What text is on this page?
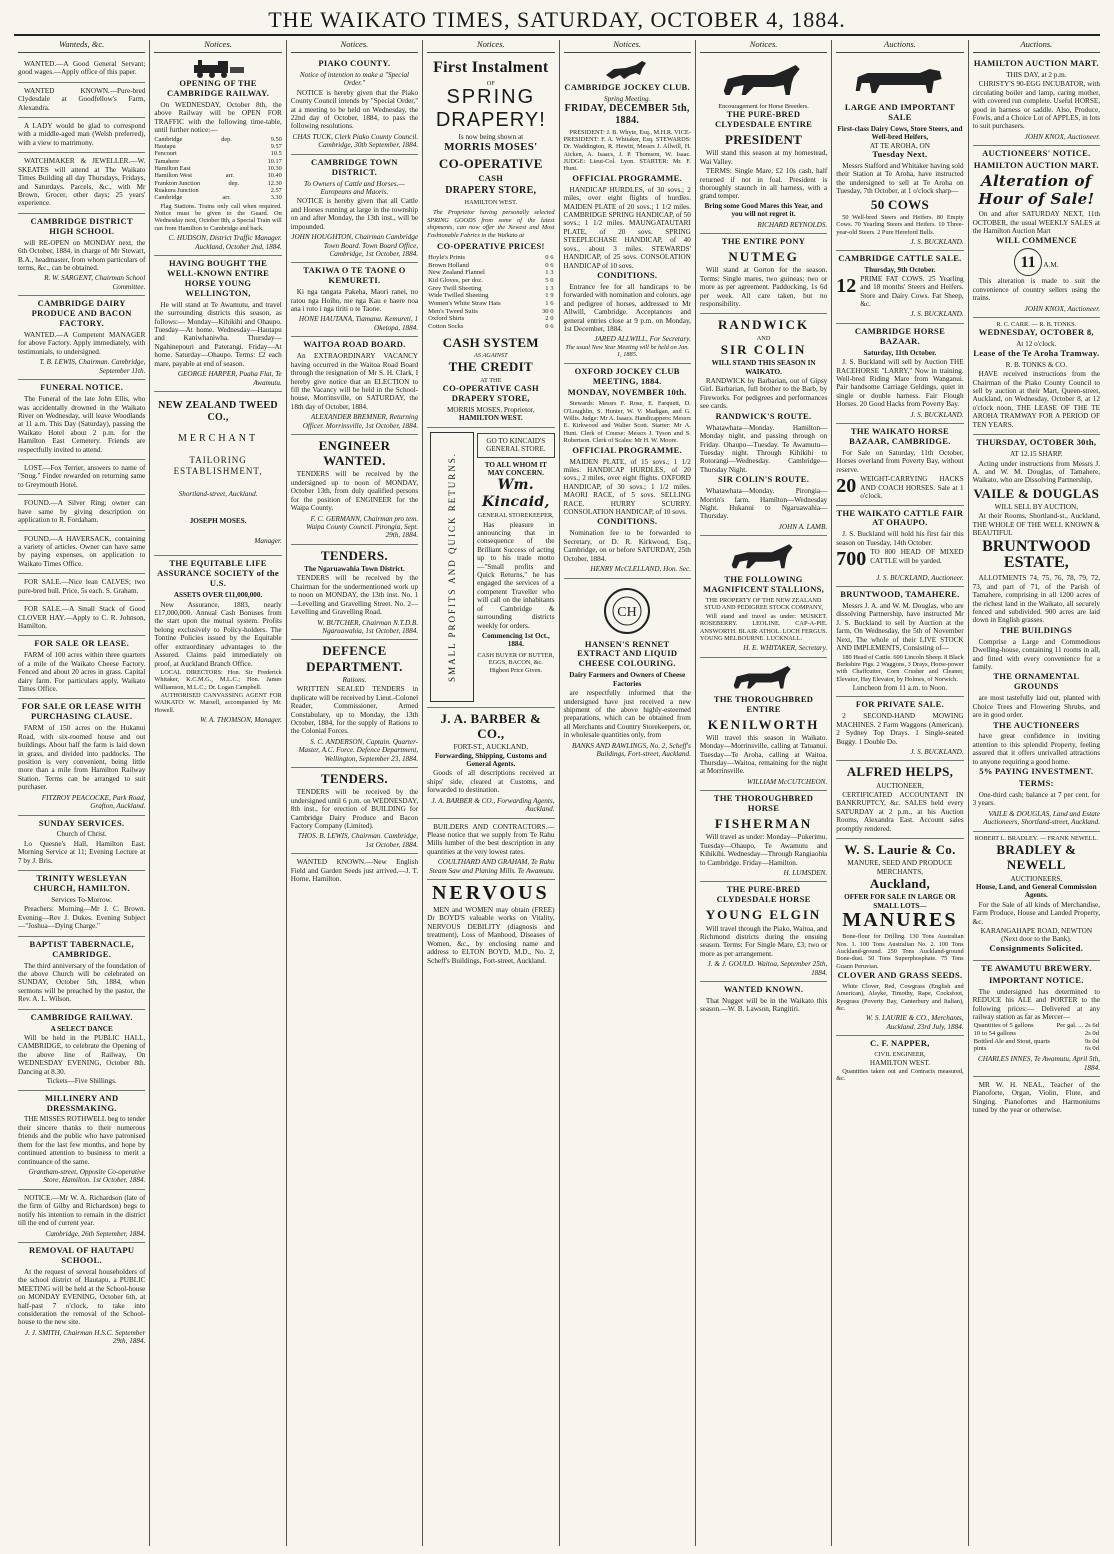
THE WAIKATO TIMES, SATURDAY, OCTOBER 4, 1884.
Wanteds, &c.

WANTED.—A Good General Servant; good wages.—Apply office of this paper.

WANTED KNOWN.—Pure-bred Clydesdale at Goodfellow's Farm, Alexandra.

A LADY would be glad to correspond with a middle-aged man (Welsh preferred), with a view to matrimony.

WATCHMAKER & JEWELLER.—W. SKEATES will attend at The Waikato Times Building all day Thursdays, Fridays, and Saturdays. Parcels, &c., with Mr Brown, Grocer, other days; 25 years' experience.

CAMBRIDGE DISTRICT HIGH SCHOOL

will RE-OPEN on MONDAY next, the 6th October, 1884, in charge of Mr Stewart, B.A., headmaster, from whom particulars of terms, &c., can be obtained.

R. W. SARGENT, Chairman School Committee.
CAMBRIDGE DAIRY PRODUCE AND BACON FACTORY.

WANTED.—A Competent MANAGER for above Factory. Apply immediately, with testimonials, to undersigned.

T. B. LEWIS, Chairman. Cambridge, September 11th.
FUNERAL NOTICE.

The Funeral of the late John Ellis, who was accidentally drowned in the Waikato River on Wednesday, will leave Woodlands at 11 a.m. This Day (Saturday), passing the Waikato Hotel about 2 p.m. for the Hamilton East Cemetery. Friends are respectfully invited to attend.

LOST.—Fox Terrier, answers to name of "Snug." Finder rewarded on returning same to Greymouth Hotel.

FOUND.—A Silver Ring; owner can have same by giving description on application to R. Fordaham.

FOUND.—A HAVERSACK, containing a variety of articles. Owner can have same by paying expenses, on application to Waikato Times Office.

FOR SALE.—Nice lean CALVES; two pure-bred bull. Price, 5s each. S. Graham.

FOR SALE.—A Small Stack of Good CLOVER HAY.—Apply to C. R. Johnson, Hamilton.

FOR SALE OR LEASE.

FARM of 100 acres within three quarters of a mile of the Waikato Cheese Factory. Fenced and about 20 acres in grass. Capital dairy farm. For particulars apply, Waikato Times Office.

FOR SALE OR LEASE WITH PURCHASING CLAUSE.

FARM of 150 acres on the Hukanui Road, with six-roomed house and out buildings. About half the farm is laid down in grass, and divided into paddocks. The position is very convenient, being little more than a mile from Hamilton Railway Station. Terms can be arranged to suit purchaser.

FITZROY PEACOCKE, Park Road, Grafton, Auckland.
SUNDAY SERVICES.
Church of Christ.

Lo Quesne's Hall, Hamilton East. Morning Service at 11; Evening Lecture at 7 by J. Bris.

TRINITY WESLEYAN CHURCH, HAMILTON.
Services To-Morrow.

Preachers: Morning—Mr J. C. Brown. Evening—Rev J. Dukes. Evening Subject—"Joshua—Dying Charge."

BAPTIST TABERNACLE, CAMBRIDGE.

The third anniversary of the foundation of the above Church will be celebrated on SUNDAY, October 5th, 1884, when sermons will be preached by the pastor, the Rev. A. L. Wilson.

CAMBRIDGE RAILWAY.
A SELECT DANCE

Will be held in the PUBLIC HALL, CAMBRIDGE, to celebrate the Opening of the above line of Railway, On WEDNESDAY EVENING, October 8th. Dancing at 8.30.

Tickets—Five Shillings.
MILLINERY AND DRESSMAKING.

THE MISSES ROTHWELL beg to tender their sincere thanks to their numerous friends and the public who have patronised them for the last few months, and hope by continued attention to business to merit a continuance of the same.

Grantham-street, Opposite Co-operative Store, Hamilton. 1st October, 1884.

NOTICE.—Mr W. A. Richardson (late of the firm of Gilby and Richardson) begs to notify his intention to remain in the district till the end of current year.

Cambridge, 26th September, 1884.
REMOVAL OF HAUTAPU SCHOOL.

At the request of several householders of the school district of Hautapu, a PUBLIC MEETING will be held at the School-house on MONDAY EVENING, October 6th, at half-past 7 o'clock, to take into consideration the removal of the School-house to the new site.

J. J. SMITH, Chairman H.S.C. September 29th, 1884.
Notices.
OPENING OF THE CAMBRIDGE RAILWAY.

On WEDNESDAY, October 8th, the above Railway will be OPEN FOR TRAFFIC with the following time-table, until further notice:—

Cambridge	dep.	9.50
Hautapu	9.57
Fencourt	10.5
Tamahere	10.17
Hamilton East	10.30
Hamilton West	arr.	10.40
Frankton Junction	dep.	12.30
Ruakura Junction	2.57
Cambridge	arr.	3.30

Flag Stations. Trains only call when required. Notice must be given to the Guard. On Wednesday next, October 8th, a Special Train will run from Hamilton to Cambridge and back.

C. HUDSON, District Traffic Manager. Auckland, October 2nd, 1884.
HAVING BOUGHT THE WELL-KNOWN ENTIRE HORSE YOUNG WELLINGTON,

He will stand at Te Awamutu, and travel the surrounding districts this season, as follows:— Monday—Kihikihi and Ohaupo. Tuesday—At home. Wednesday—Hautapu and Kaniwhaniwha. Thursday—Ngahinepouri and Paterangi. Friday—At home. Saturday—Ohaupo. Terms: £2 each mare, payable at end of season.

GEORGE HARPER, Puaha Flat, Te Awamutu.
NEW ZEALAND TWEED CO.,
MERCHANT
TAILORING ESTABLISHMENT,
Shortland-street, Auckland.
JOSEPH MOSES.
Manager.
THE EQUITABLE LIFE ASSURANCE SOCIETY of the U.S.
ASSETS OVER £11,000,000.

New Assurance, 1883, nearly £17,000,000. Annual Cash Bonuses from the start upon the mutual system. Profits belong exclusively to Policy-holders. The Tontine Policies issued by the Equitable offer extraordinary advantages to the Assured. Claims paid immediately on proof, at Auckland Branch Office.

LOCAL DIRECTORS: Hon. Sir Frederick Whitaker, K.C.M.G., M.L.C.; Hon. James Williamson, M.L.C.; Dr. Logan Campbell.

AUTHORISED CANVASSING AGENT FOR WAIKATO: W. Marsell, accompanied by Mr. Howell.

W. A. THOMSON, Manager.
Notices.
PIAKO COUNTY.
Notice of intention to make a "Special Order."

NOTICE is hereby given that the Piako County Council intends by "Special Order," at a meeting to be held on Wednesday, the 22nd day of October, 1884, to pass the following resolutions.

CHAS TUCK, Clerk Piako County Council. Cambridge, 30th September, 1884.
CAMBRIDGE TOWN DISTRICT.
To Owners of Cattle and Horses.—Europeans and Maoris.

NOTICE is hereby given that all Cattle and Horses running at large in the township on and after Monday, the 13th inst., will be impounded.

JOHN HOUGHTON, Chairman Cambridge Town Board. Town Board Office, Cambridge, 1st October, 1884.
TAKIWA O TE TAONE O KEMURETI.

Ki nga tangata Pakeha, Maori ranei, no ratou nga Hoiho, me nga Kau e haere noa ana i roto i nga tiriti o te Taone.

HONE HAUTANA, Tiamana. Kemureti, 1 Oketopa, 1884.
WAITOA ROAD BOARD.

An EXTRAORDINARY VACANCY having occurred in the Waitoa Road Board through the resignation of Mr S. H. Clark, I hereby give notice that an ELECTION to fill the Vacancy will be held in the School-house, Morrinsville, on SATURDAY, the 18th day of October, 1884.

ALEXANDER BREMNER, Returning Officer. Morrinsville, 1st October, 1884.
ENGINEER WANTED.

TENDERS will be received by the undersigned up to noon of MONDAY, October 13th, from duly qualified persons for the position of ENGINEER for the Waipa County.

F. C. GERMANN, Chairman pro tem. Waipa County Council. Pirongia, Sept. 29th, 1884.
TENDERS.
The Ngaruawahia Town District.

TENDERS will be received by the Chairman for the undermentioned work up to noon on MONDAY, the 13th inst. No. 1—Levelling and Gravelling Street. No. 2—Levelling and Gravelling Road.

W. BUTCHER, Chairman N.T.D.B. Ngaruawahia, 1st October, 1884.
DEFENCE DEPARTMENT.
Rations.

WRITTEN SEALED TENDERS in duplicate will be received by Lieut.-Colonel Reader, Commissioner, Armed Constabulary, up to Monday, the 13th October, 1884, for the supply of Rations to the Colonial Forces.

S. C. ANDERSON, Captain. Quarter-Master, A.C. Force. Defence Department, Wellington, September 23, 1884.
TENDERS.

TENDERS will be received by the undersigned until 6 p.m. on WEDNESDAY, 8th inst., for erection of BUILDING for Cambridge Dairy Produce and Bacon Factory Company (Limited).

THOS. B. LEWIS, Chairman. Cambridge, 1st October, 1884.

WANTED KNOWN.—New English Field and Garden Seeds just arrived.—J. T. Horne, Hamilton.

Notices.
First Instalment
OF
SPRING
DRAPERY!
Is now being shown at
MORRIS MOSES'
CO-OPERATIVE
CASH
DRAPERY STORE,
HAMILTON WEST.

The Proprietor having personally selected SPRING GOODS from some of the latest shipments, can now offer the Newest and Most Fashionable Fabrics in the Waikato at

CO-OPERATIVE PRICES!
Hoyle's Prints	0 6
Brown Holland	0 6
New Zealand Flannel	1 3
Kid Gloves, per doz.	5 0
Grey Twill Sheeting	1 3
Wide Twilled Sheeting	1 9
Women's White Straw Hats	1 6
Men's Tweed Suits	30 0
Oxford Shirts	2 0
Cotton Socks	0 6
CASH SYSTEM
AS AGAINST
THE CREDIT
AT THE
CO-OPERATIVE CASH DRAPERY STORE,
MORRIS MOSES, Proprietor,
HAMILTON WEST.
SMALL PROFITS AND QUICK RETURNS.
GO TO KINCAID'S GENERAL STORE.
TO ALL WHOM IT MAY CONCERN.
Wm. Kincaid,
GENERAL STOREKEEPER,

Has pleasure in announcing that in consequence of the Brilliant Success of acting up to his trade motto—"Small profits and Quick Returns," he has engaged the services of a competent Traveller who will call on the inhabitants of Cambridge & surrounding districts weekly for orders.

Commencing 1st Oct., 1884.
CASH BUYER OF BUTTER, EGGS, BACON, &c.
Highest Price Given.
J. A. BARBER & CO.,
FORT-ST., AUCKLAND,
Forwarding, Shipping, Customs and General Agents.

Goods of all descriptions received at ships' side, cleared at Customs, and forwarded to destination.

J. A. BARBER & CO., Forwarding Agents, Auckland.

BUILDERS AND CONTRACTORS.—Please notice that we supply from Te Rahu Mills lumber of the best description in any quantities at the very lowest rates.

COULTHARD AND GRAHAM, Te Rahu Steam Saw and Planing Mills. Te Awamutu.
NERVOUS

MEN and WOMEN may obtain (FREE) Dr BOYD'S valuable works on Vitality, NERVOUS DEBILITY (diagnosis and treatment), Loss of Manhood, Diseases of Women, &c., by enclosing name and address to ELTON BOYD, M.D., No. 2, Scheff's Buildings, Fort-street, Auckland.

Notices.
CAMBRIDGE JOCKEY CLUB.
Spring Meeting.
FRIDAY, DECEMBER 5th, 1884.

PRESIDENT: J. B. Whyte, Esq., M.H.R. VICE-PRESIDENT: F. A. Whitaker, Esq. STEWARDS: Dr. Waddington, R. Hewitt, Messrs J. Allwill, H. Aicken, A. Isaacs, J. P. Thomson, W. Isaac. JUDGE: Lieut-Col. Lyon. STARTER: Mr. F. Hunt.

OFFICIAL PROGRAMME.

HANDICAP HURDLES, of 30 sovs.; 2 miles, over eight flights of hurdles. MAIDEN PLATE of 20 sovs.; 1 1/2 miles. CAMBRIDGE SPRING HANDICAP, of 50 sovs.; 1 1/2 miles. MAUNGATAUTARI PLATE, of 20 sovs. SPRING STEEPLECHASE HANDICAP, of 40 sovs., about 3 miles. STEWARDS' HANDICAP, of 25 sovs. CONSOLATION HANDICAP of 10 sovs.

CONDITIONS.

Entrance fee for all handicaps to be forwarded with nomination and colours, age and pedigree of horses, addressed to Mr Allwill, Cambridge. Acceptances and general entries close at 9 p.m. on Monday, 1st December, 1884.

JARED ALLWILL, For Secretary.
The usual New Year Meeting will be held on Jan. 1, 1885.
OXFORD JOCKEY CLUB MEETING, 1884.
MONDAY, NOVEMBER 10th.

Stewards: Messrs F. Rose, E. Farquett, D. O'Loughlin, S. Hunter, W. V. Madigan, and G. Willis. Judge: Mr A. Isaacs. Handicappers: Messrs E. Kirkwood and Walter Scott. Starter: Mr A. Hunt. Clerk of Course: Messrs J. Tyson and S. Robertson. Clerk of Scales: Mr H. W. Moore.

OFFICIAL PROGRAMME.

MAIDEN PLATE, of 15 sovs.; 1 1/2 miles. HANDICAP HURDLES, of 20 sovs.; 2 miles, over eight flights. OXFORD HANDICAP, of 30 sovs.; 1 1/2 miles. MAORI RACE, of 5 sovs. SELLING RACE. HURRY SCURRY. CONSOLATION HANDICAP, of 10 sovs.

CONDITIONS.

Nomination fee to be forwarded to Secretary, or D. R. Kirkwood, Esq., Cambridge, on or before SATURDAY, 25th October, 1884.

HENRY McCLELLAND, Hon. Sec.
CH
HANSEN'S RENNET EXTRACT AND LIQUID CHEESE COLOURING.
Dairy Farmers and Owners of Cheese Factories

are respectfully informed that the undersigned have just received a new shipment of the above highly-esteemed preparations, which can be obtained from all Merchants and Country Storekeepers, or, in wholesale quantities only, from

BANKS AND RAWLINGS, No. 2, Scheff's Buildings, Fort-street, Auckland.
Notices.
Encouragement for Horse Breeders.
THE PURE-BRED CLYDESDALE ENTIRE
PRESIDENT

Will stand this season at my homestead, Wai Valley.

TERMS: Single Mare, £2 10s cash, half returned if not in foal. President is thoroughly staunch in all harness, with a grand temper.

Bring some Good Mares this Year, and you will not regret it.
RICHARD REYNOLDS.
THE ENTIRE PONY
NUTMEG

Will stand at Gorton for the season. Terms: Single mares, two guineas; two or more as per agreement. Paddocking, 1s 6d per week. All care taken, but no responsibility.

RANDWICK
AND
SIR COLIN
WILL STAND THIS SEASON IN WAIKATO.

RANDWICK by Barbarian, out of Gipsy Girl. Barbarian, full brother to the Barb, by Fireworks. For pedigrees and performances see cards.

RANDWICK'S ROUTE.

Whatawhata—Monday. Hamilton—Monday night, and passing through on Friday. Ohaupo—Tuesday. Te Awamutu—Tuesday night. Through Kihikihi to Rotorangi—Wednesday. Cambridge—Thursday Night.

SIR COLIN'S ROUTE.

Whatawhata—Monday. Pirongia—Morrin's farm. Hamilton—Wednesday Night. Hukanui to Ngaruawahia—Thursday.

JOHN A. LAMB.
THE FOLLOWING MAGNIFICENT STALLIONS,
THE PROPERTY OF THE NEW ZEALAND STUD AND PEDIGREE STOCK COMPANY,

Will stand and travel as under: MUSKET. ROSEBERRY. LEOLINE. CAP-A-PIE. ANSWORTH. BLAIR ATHOL. LOCH FERGUS. YOUNG MELBOURNE. LUCKNALL.

H. E. WHITAKER, Secretary.
THE THOROUGHBRED ENTIRE
KENILWORTH

Will travel this season in Waikato. Monday—Morrinsville, calling at Tatuanui. Tuesday—Te Aroha, calling at Waitoa. Thursday—Waitoa, remaining for the night at Morrinsville.

WILLIAM McCUTCHEON.
THE THOROUGHBRED HORSE
FISHERMAN

Will travel as under: Monday—Pukerimu. Tuesday—Ohaupo, Te Awamutu and Kihikihi. Wednesday—Through Rangiaohia to Cambridge. Friday—Hamilton.

H. LUMSDEN.
THE PURE-BRED CLYDESDALE HORSE
YOUNG ELGIN

Will travel through the Piako, Waitoa, and Richmond districts during the ensuing season. Terms: For Single Mare, £3; two or more as per arrangement.

J. & J. GOULD. Waitoa, September 25th, 1884.
WANTED KNOWN.

That Nugget will be in the Waikato this season.—W. B. Lawson, Rangitiri.

Auctions.
LARGE AND IMPORTANT SALE
First-class Dairy Cows, Store Steers, and Well-bred Heifers,
AT TE AROHA, ON
Tuesday Next.

Messrs Stafford and Whitaker having sold their Station at Te Aroha, have instructed the undersigned to sell at Te Aroha on Tuesday, 7th October, at 1 o'clock sharp—

50 COWS

50 Well-bred Steers and Heifers. 80 Empty Cows. 70 Yearling Steers and Heifers. 10 Three-year-old Steers. 2 Pure Hereford Bulls.

J. S. BUCKLAND.
CAMBRIDGE CATTLE SALE.
Thursday, 9th October.
12 PRIME FAT COWS. 25 Yearling and 18 months' Steers and Heifers. Store and Dairy Cows. Fat Sheep, &c.
J. S. BUCKLAND.
CAMBRIDGE HORSE BAZAAR.
Saturday, 11th October.

J. S. Buckland will sell by Auction THE RACEHORSE "LARRY," Now in training. Well-bred Riding Mare from Wanganui. Pair handsome Carriage Geldings, quiet in single or double harness. Fair Flough Horses. 20 Good Hacks from Poverty Bay.

J. S. BUCKLAND.
THE WAIKATO HORSE BAZAAR, CAMBRIDGE.

For Sale on Saturday, 11th October, Horses overland from Poverty Bay, without reserve.

20 WEIGHT-CARRYING HACKS AND COACH HORSES. Sale at 1 o'clock.
THE WAIKATO CATTLE FAIR AT OHAUPO.

J. S. Buckland will hold his first fair this season on Tuesday, 14th October.

700 TO 800 HEAD OF MIXED CATTLE will be yarded.
J. S. BUCKLAND, Auctioneer.
BRUNTWOOD, TAMAHERE.

Messrs J. A. and W. M. Douglas, who are dissolving Partnership, have instructed Mr J. S. Buckland to sell by Auction at the farm, On Wednesday, the 5th of November Next, The whole of their LIVE STOCK AND IMPLEMENTS, Consisting of—

180 Head of Cattle. 600 Lincoln Sheep. 8 Black Berkshire Pigs. 2 Waggons, 3 Drays, Horse-power with Chaffcutter, Corn Crusher and Cleaner, Elevator, Hay Elevator, by Holmes, of Norwich.

Luncheon from 11 a.m. to Noon.
FOR PRIVATE SALE.

2 SECOND-HAND MOWING MACHINES. 2 Farm Waggons (American). 2 Sydney Top Drays. 1 Single-seated Buggy. 1 Double Do.

J. S. BUCKLAND.
ALFRED HELPS,
AUCTIONEER,

CERTIFICATED ACCOUNTANT IN BANKRUPTCY, &c. SALES held every SATURDAY at 2 p.m., at his Auction Rooms, Alexandra East. Account sales promptly rendered.

W. S. Laurie & Co.
MANURE, SEED AND PRODUCE MERCHANTS,
Auckland,
OFFER FOR SALE IN LARGE OR SMALL LOTS—
MANURES

Bone-flour for Drilling. 130 Tons Australian Nos. 1. 100 Tons Australian No. 2. 100 Tons Auckland-ground. 250 Tons Auckland-ground Bone-dust. 50 Tons Superphosphate. 75 Tons Guano Peruvian.

CLOVER AND GRASS SEEDS.

White Clover, Red, Cowgrass (English and American), Alsyke, Timothy, Rape, Cocksfoot, Ryegrass (Poverty Bay, Canterbury and Italian), &c.

W. S. LAURIE & CO., Merchants, Auckland. 23rd July, 1884.
C. F. NAPPER,
CIVIL ENGINEER,
HAMILTON WEST.

Quantities taken out and Contracts measured, &c.

Auctions.
HAMILTON AUCTION MART.
THIS DAY, at 2 p.m.

CHRISTY'S 90-EGG INCUBATOR, with circulating boiler and lamp, caring mother, with covered run complete. Useful HORSE, good in harness or saddle. Also, Produce, Fowls, and a Choice Lot of APPLES, in lots to suit purchasers.

JOHN KNOX, Auctioneer.
AUCTIONEERS' NOTICE.
HAMILTON AUCTION MART.
Alteration of Hour of Sale!

On and after SATURDAY NEXT, 11th OCTOBER, the usual WEEKLY SALES at the Hamilton Auction Mart

WILL COMMENCE
11 A.M.

This alteration is made to suit the convenience of country sellers using the trains.

JOHN KNOX, Auctioneer.
R. C. CARR. — R. B. TONKS.
WEDNESDAY, OCTOBER 8,
At 12 o'clock.
Lease of the Te Aroha Tramway.
R. B. TONKS & CO.

HAVE received instructions from the Chairman of the Piako County Council to sell by auction at their Mart, Queen-street, Auckland, on Wednesday, October 8, at 12 o'clock noon, THE LEASE OF THE TE AROHA TRAMWAY FOR A PERIOD OF TEN YEARS.

THURSDAY, OCTOBER 30th,
AT 12.15 SHARP.

Acting under instructions from Messrs J. A. and W. M. Douglas, of Tamahere, Waikato, who are Dissolving Partnership,

VAILE & DOUGLAS
WILL SELL BY AUCTION,

At their Rooms, Shortland-st., Auckland, THE WHOLE OF THE WELL KNOWN & BEAUTIFUL

BRUNTWOOD ESTATE,

ALLOTMENTS 74, 75, 76, 78, 79, 72, 73, and part of 71, of the Parish of Tamahere, comprising in all 1200 acres of the richest land in the Waikato, all securely fenced and subdivided. 900 acres are laid down in English grasses.

THE BUILDINGS

Comprise a Large and Commodious Dwelling-house, containing 11 rooms in all, and fitted with every convenience for a family.

THE ORNAMENTAL GROUNDS

are most tastefully laid out, planted with Choice Trees and Flowering Shrubs, and are in good order.

THE AUCTIONEERS

have great confidence in inviting attention to this splendid Property, feeling assured that it offers unrivalled attractions to anyone requiring a good home.

5% PAYING INVESTMENT.
TERMS:

One-third cash; balance at 7 per cent. for 3 years.

VAILE & DOUGLAS, Land and Estate Auctioneers, Shortland-street, Auckland.
ROBERT L. BRADLEY. — FRANK NEWELL.
BRADLEY & NEWELL
AUCTIONEERS,
House, Land, and General Commission Agents.

For the Sale of all kinds of Merchandise, Farm Produce, House and Landed Property, &c.

KARANGAHAPE ROAD, NEWTON (Next door to the Bank).
Consignments Solicited.
TE AWAMUTU BREWERY.
IMPORTANT NOTICE.

The undersigned has determined to REDUCE his ALE and PORTER to the following prices:— Delivered at any railway station as far as Mercer—

Quantities of 5 gallons	Per gal. ... 2s 6d
10 to 54 gallons	2s 0d
Bottled Ale and Stout, quarts	9s 0d
pints	6s 0d
CHARLES INNES, Te Awamutu, April 5th, 1884.

MR W. H. NEAL, Teacher of the Pianoforte, Organ, Violin, Flute, and Singing. Pianofortes and Harmoniums tuned by the year or otherwise.
